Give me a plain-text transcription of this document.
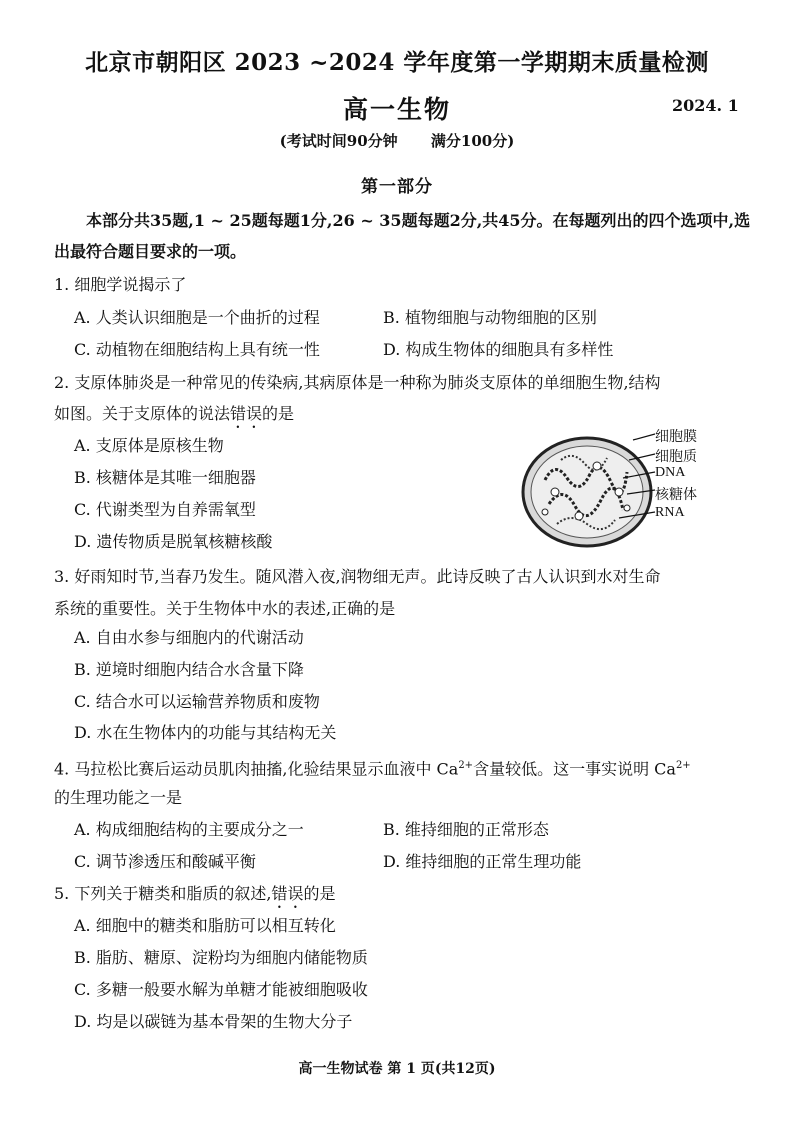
北京市朝阳区 2023 ~2024 学年度第一学期期末质量检测
高一生物	2024. 1
(考试时间90分钟 满分100分)
第一部分
本部分共35题,1 ~ 25题每题1分,26 ~ 35题每题2分,共45分。在每题列出的四个选项中,选出最符合题目要求的一项。
1. 细胞学说揭示了
A. 人类认识细胞是一个曲折的过程	B. 植物细胞与动物细胞的区别
C. 动植物在细胞结构上具有统一性	D. 构成生物体的细胞具有多样性
2. 支原体肺炎是一种常见的传染病,其病原体是一种称为肺炎支原体的单细胞生物,结构
如图。关于支原体的说法错误的是
A. 支原体是原核生物
B. 核糖体是其唯一细胞器
C. 代谢类型为自养需氧型
D. 遗传物质是脱氧核糖核酸
细胞膜
细胞质
DNA
核糖体
RNA
3. 好雨知时节,当春乃发生。随风潜入夜,润物细无声。此诗反映了古人认识到水对生命
系统的重要性。关于生物体中水的表述,正确的是
A. 自由水参与细胞内的代谢活动
B. 逆境时细胞内结合水含量下降
C. 结合水可以运输营养物质和废物
D. 水在生物体内的功能与其结构无关
4. 马拉松比赛后运动员肌肉抽搐,化验结果显示血液中 $Ca^{2+}$含量较低。这一事实说明 $Ca^{2+}$
的生理功能之一是
A. 构成细胞结构的主要成分之一	B. 维持细胞的正常形态
C. 调节渗透压和酸碱平衡	D. 维持细胞的正常生理功能
5. 下列关于糖类和脂质的叙述,错误的是
A. 细胞中的糖类和脂肪可以相互转化
B. 脂肪、糖原、淀粉均为细胞内储能物质
C. 多糖一般要水解为单糖才能被细胞吸收
D. 均是以碳链为基本骨架的生物大分子
高一生物试卷 第 1 页(共12页)
